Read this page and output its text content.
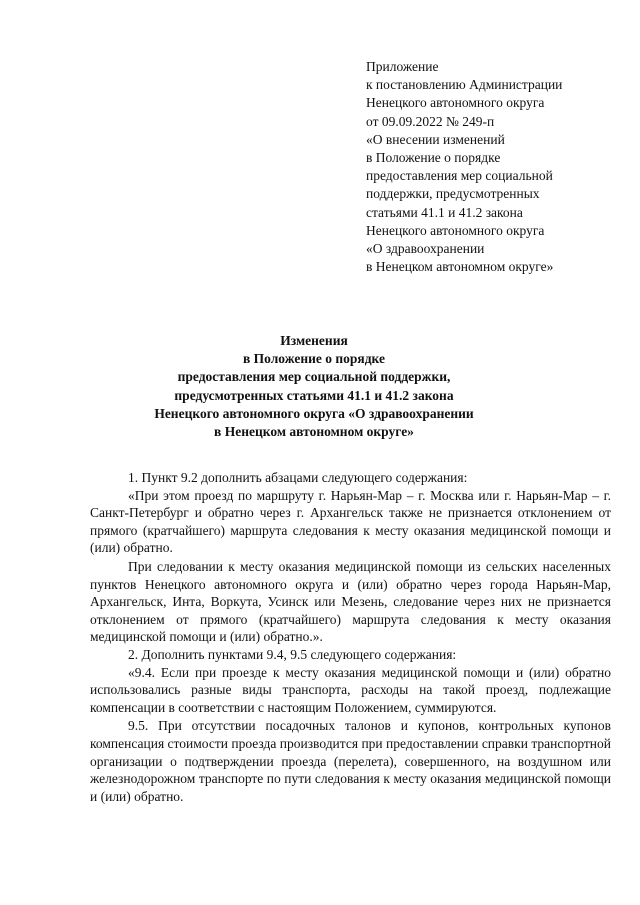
Приложение
к постановлению Администрации
Ненецкого автономного округа
от 09.09.2022 № 249-п
«О внесении изменений
в Положение о порядке
предоставления мер социальной
поддержки, предусмотренных
статьями 41.1 и 41.2 закона
Ненецкого автономного округа
«О здравоохранении
в Ненецком автономном округе»
Изменения
в Положение о порядке
предоставления мер социальной поддержки,
предусмотренных статьями 41.1 и 41.2 закона
Ненецкого автономного округа «О здравоохранении
в Ненецком автономном округе»

1. Пункт 9.2 дополнить абзацами следующего содержания:

«При этом проезд по маршруту г. Нарьян-Мар – г. Москва или г. Нарьян-Мар – г. Санкт-Петербург и обратно через г. Архангельск также не признается отклонением от прямого (кратчайшего) маршрута следования к месту оказания медицинской помощи и (или) обратно.

При следовании к месту оказания медицинской помощи из сельских населенных пунктов Ненецкого автономного округа и (или) обратно через города Нарьян-Мар, Архангельск, Инта, Воркута, Усинск или Мезень, следование через них не признается отклонением от прямого (кратчайшего) маршрута следования к месту оказания медицинской помощи и (или) обратно.».

2. Дополнить пунктами 9.4, 9.5 следующего содержания:

«9.4. Если при проезде к месту оказания медицинской помощи и (или) обратно использовались разные виды транспорта, расходы на такой проезд, подлежащие компенсации в соответствии с настоящим Положением, суммируются.

9.5. При отсутствии посадочных талонов и купонов, контрольных купонов компенсация стоимости проезда производится при предоставлении справки транспортной организации о подтверждении проезда (перелета), совершенного, на воздушном или железнодорожном транспорте по пути следования к месту оказания медицинской помощи и (или) обратно.
